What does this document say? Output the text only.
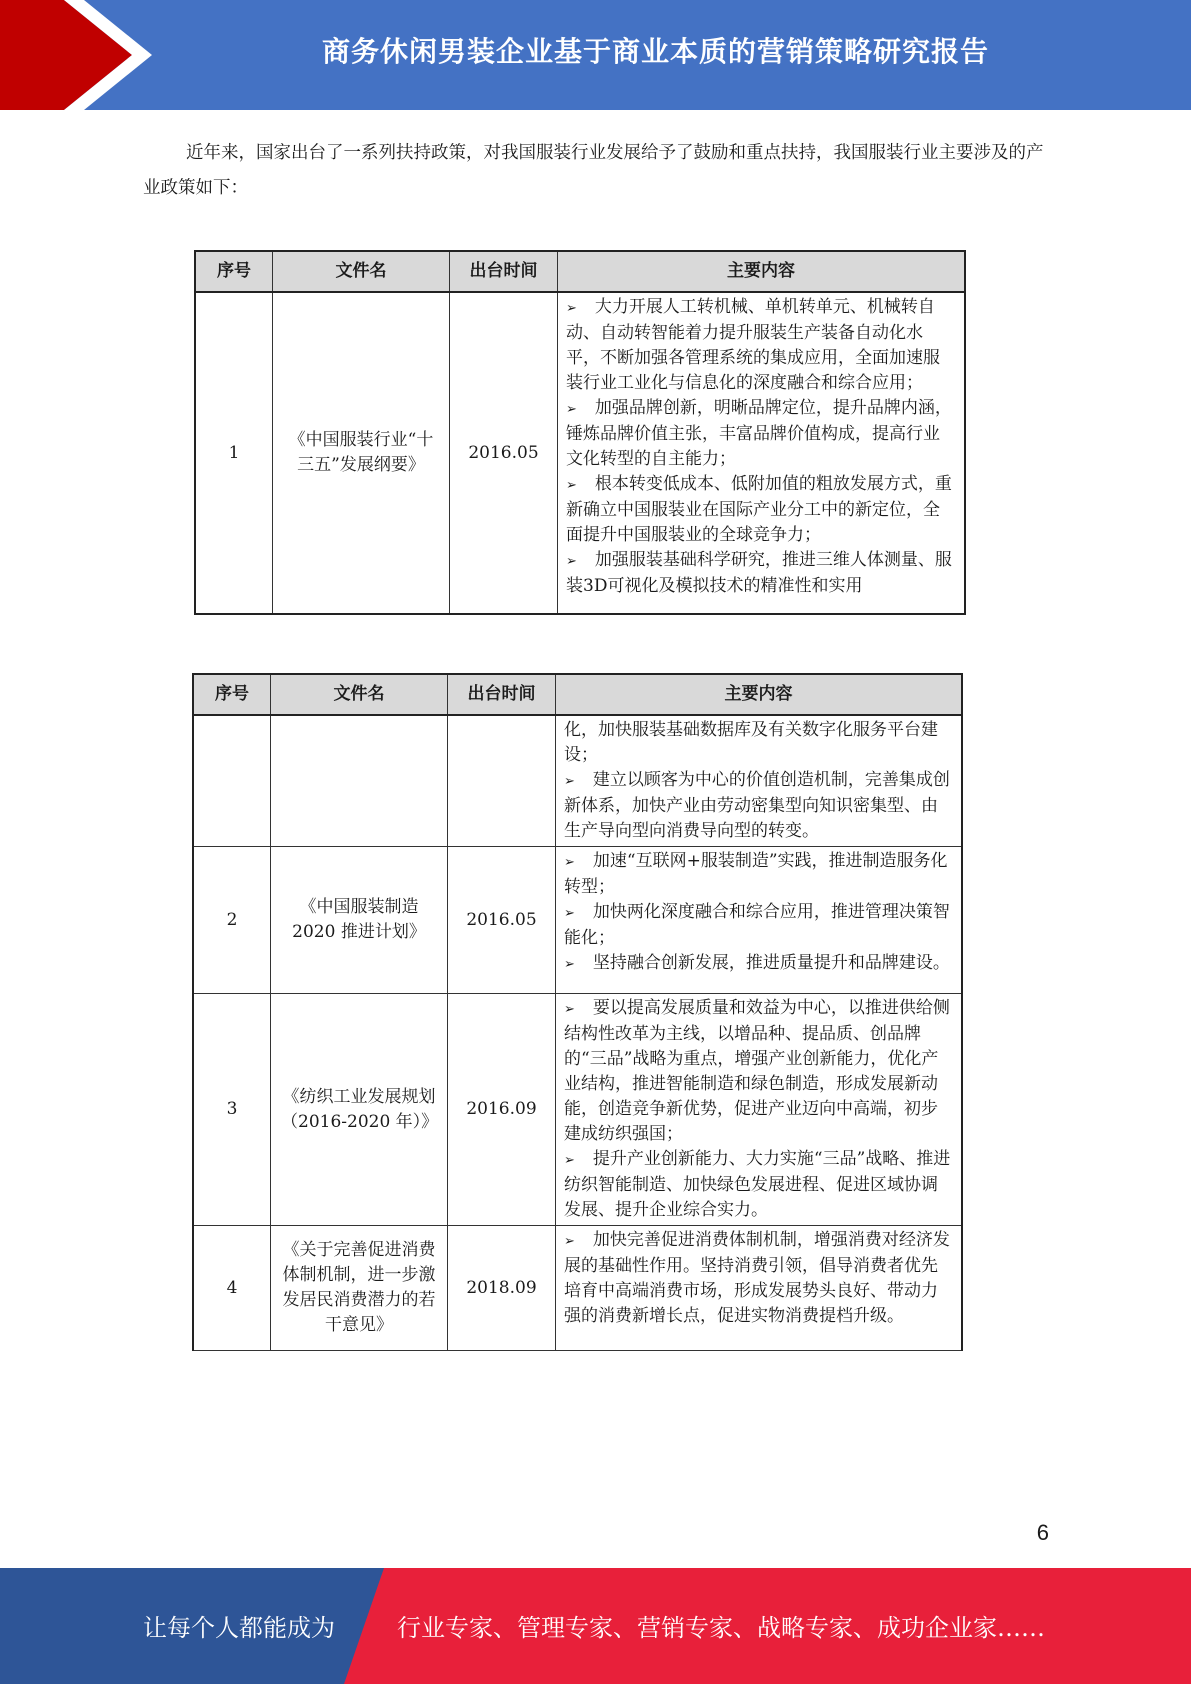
商务休闲男装企业基于商业本质的营销策略研究报告

近年来，国家出台了一系列扶持政策，对我国服装行业发展给予了鼓励和重点扶持，我国服装行业主要涉及的产业政策如下：

序号	文件名	出台时间	主要内容
1	《中国服装行业“十三五”发展纲要》	2016.05	➢ 大力开展人工转机械、单机转单元、机械转自动、自动转智能着力提升服装生产装备自动化水平，不断加强各管理系统的集成应用，全面加速服装行业工业化与信息化的深度融合和综合应用；

➢ 加强品牌创新，明晰品牌定位，提升品牌内涵，锤炼品牌价值主张，丰富品牌价值构成，提高行业文化转型的自主能力；

➢ 根本转变低成本、低附加值的粗放发展方式，重新确立中国服装业在国际产业分工中的新定位，全面提升中国服装业的全球竞争力；

➢ 加强服装基础科学研究，推进三维人体测量、服装3D可视化及模拟技术的精准性和实用

序号	文件名	出台时间	主要内容

			化，加快服装基础数据库及有关数字化服务平台建设；

➢ 建立以顾客为中心的价值创造机制，完善集成创新体系，加快产业由劳动密集型向知识密集型、由生产导向型向消费导向型的转变。

2	《中国服装制造2020 推进计划》	2016.05	➢ 加速“互联网+服装制造”实践，推进制造服务化转型；

➢ 加快两化深度融合和综合应用，推进管理决策智能化；

➢ 坚持融合创新发展，推进质量提升和品牌建设。

3	《纺织工业发展规划（2016-2020 年）》	2016.09	➢ 要以提高发展质量和效益为中心，以推进供给侧结构性改革为主线，以增品种、提品质、创品牌的“三品”战略为重点，增强产业创新能力，优化产业结构，推进智能制造和绿色制造，形成发展新动能，创造竞争新优势，促进产业迈向中高端，初步建成纺织强国；

➢ 提升产业创新能力、大力实施“三品”战略、推进纺织智能制造、加快绿色发展进程、促进区域协调发展、提升企业综合实力。

4	《关于完善促进消费体制机制，进一步激发居民消费潜力的若干意见》	2018.09	➢ 加快完善促进消费体制机制，增强消费对经济发展的基础性作用。坚持消费引领，倡导消费者优先培育中高端消费市场，形成发展势头良好、带动力强的消费新增长点，促进实物消费提档升级。

6
让每个人都能成为	行业专家、管理专家、营销专家、战略专家、成功企业家……
